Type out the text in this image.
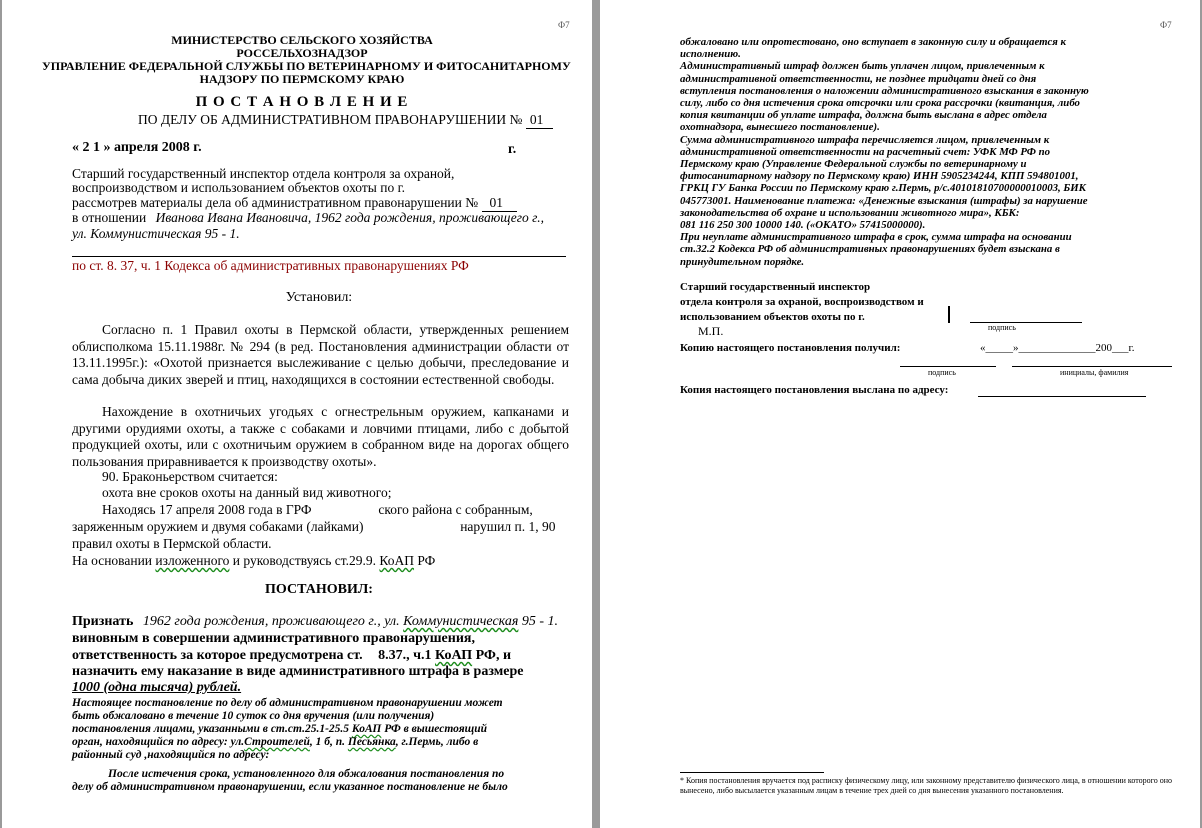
Ф7
МИНИСТЕРСТВО СЕЛЬСКОГО ХОЗЯЙСТВА
РОССЕЛЬХОЗНАДЗОР
УПРАВЛЕНИЕ ФЕДЕРАЛЬНОЙ СЛУЖБЫ ПО ВЕТЕРИНАРНОМУ И ФИТОСАНИТАРНОМУ
НАДЗОРУ ПО ПЕРМСКОМУ КРАЮ
П О С Т А Н О В Л Е Н И Е
ПО ДЕЛУ ОБ АДМИНИСТРАТИВНОМ ПРАВОНАРУШЕНИИ № 01
« 2 1 » апреля 2008 г.	г.
Старший государственный инспектор отдела контроля за охраной,
воспроизводством и использованием объектов охоты по г.
рассмотрев материалы дела об административном правонарушении № 01
в отношении Иванова Ивана Ивановича, 1962 года рождения, проживающего г.,
ул. Коммунистическая 95 - 1.
по ст. 8. 37, ч. 1 Кодекса об административных правонарушениях РФ
Установил:
Согласно п. 1 Правил охоты в Пермской области, утвержденных решением облисполкома 15.11.1988г. № 294 (в ред. Постановления администрации области от 13.11.1995г.): «Охотой признается выслеживание с целью добычи, преследование и сама добыча диких зверей и птиц, находящихся в состоянии естественной свободы.
Нахождение в охотничьих угодьях с огнестрельным оружием, капканами и другими орудиями охоты, а также с собаками и ловчими птицами, либо с добытой продукцией охоты, или с охотничьим оружием в собранном виде на дорогах общего пользования приравнивается к производству охоты».
90. Браконьерством считается:
охота вне сроков охоты на данный вид животного;
Находясь 17 апреля 2008 года в ГРФ	ского района с собранным,
заряженным оружием и двумя собаками (лайками)	нарушил п. 1, 90
правил охоты в Пермской области.
На основании изложенного и руководствуясь ст.29.9. КоАП РФ
ПОСТАНОВИЛ:
Признать 1962 года рождения, проживающего г., ул. Коммунистическая 95 - 1.
виновным в совершении административного правонарушения,
ответственность за которое предусмотрена ст. 8.37., ч.1 КоАП РФ, и
назначить ему наказание в виде административного штрафа в размере
1000 (одна тысяча) рублей.
Настоящее постановление по делу об административном правонарушении может
быть обжаловано в течение 10 суток со дня вручения (или получения)
постановления лицами, указанными в ст.ст.25.1-25.5 КоАП РФ в вышестоящий
орган, находящийся по адресу: ул.Строителей, 1 б, п. Песьянка, г.Пермь, либо в
районный суд ,находящийся по адресу:
После истечения срока, установленного для обжалования постановления по
делу об административном правонарушении, если указанное постановление не было
Ф7
обжаловано или опротестовано, оно вступает в законную силу и обращается к
исполнению.
Административный штраф должен быть уплачен лицом, привлеченным к
административной ответственности, не позднее тридцати дней со дня
вступления постановления о наложении административного взыскания в законную
силу, либо со дня истечения срока отсрочки или срока рассрочки (квитанция, либо
копия квитанции об уплате штрафа, должна быть выслана в адрес отдела
охотнадзора, вынесшего постановление).
Сумма административного штрафа перечисляется лицом, привлеченным к
административной ответственности на расчетный счет: УФК МФ РФ по
Пермскому краю (Управление Федеральной службы по ветеринарному и
фитосанитарному надзору по Пермскому краю) ИНН 5905234244, КПП 594801001,
ГРКЦ ГУ Банка России по Пермскому краю г.Пермь, р/с.40101810700000010003, БИК
045773001. Наименование платежа: «Денежные взыскания (штрафы) за нарушение
законодательства об охране и использовании животного мира», КБК:
081 116 250 300 10000 140. («ОКАТО» 57415000000).
При неуплате административного штрафа в срок, сумма штрафа на основании
ст.32.2 Кодекса РФ об административных правонарушениях будет взыскана в
принудительном порядке.
Старший государственный инспектор
отдела контроля за охраной, воспроизводством и
использованием объектов охоты по г.
подпись
М.П.
Копию настоящего постановления получил:	«_____»______________200___г.
подпись	инициалы, фамилия
Копия настоящего постановления выслана по адресу:
* Копия постановления вручается под расписку физическому лицу, или законному представителю физического лица, в отношении которого оно вынесено, либо высылается указанным лицам в течение трех дней со дня вынесения указанного постановления.
